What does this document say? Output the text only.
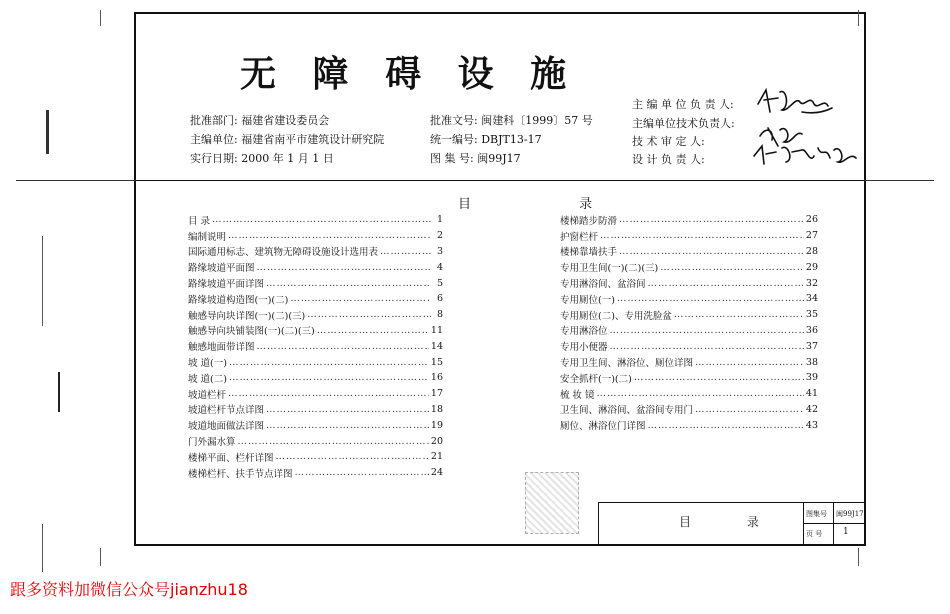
无 障 碍 设 施
批准部门: 福建省建设委员会
主编单位: 福建省南平市建筑设计研究院
实行日期: 2000 年 1 月 1 日
批准文号: 闽建科〔1999〕57 号
统一编号: DBJT13-17
图 集 号: 闽99J17
主 编 单 位 负 责 人:
主编单位技术负责人:
技 术 审 定 人:
设 计 负 责 人:
目 录
目 录 ……………………………………………………………………………………………………………………………………	1
编制说明 ……………………………………………………………………………………………………………………………………	2
国际通用标志、建筑物无障碍设施设计选用表 ……………………………………………………………………………………………………………………………………	3
路缘坡道平面图 ……………………………………………………………………………………………………………………………………	4
路缘坡道平面详图 ……………………………………………………………………………………………………………………………………	5
路缘坡道构造图(一)(二) ……………………………………………………………………………………………………………………………………	6
触感导向块详图(一)(二)(三) ……………………………………………………………………………………………………………………………………	8
触感导向块铺装图(一)(二)(三) ……………………………………………………………………………………………………………………………………	11
触感地面带详图 ……………………………………………………………………………………………………………………………………	14
坡 道(一) ……………………………………………………………………………………………………………………………………	15
坡 道(二) ……………………………………………………………………………………………………………………………………	16
坡道栏杆 ……………………………………………………………………………………………………………………………………	17
坡道栏杆节点详图 ……………………………………………………………………………………………………………………………………	18
坡道地面做法详图 ……………………………………………………………………………………………………………………………………	19
门外漏水算 ……………………………………………………………………………………………………………………………………	20
楼梯平面、栏杆详图 ……………………………………………………………………………………………………………………………………	21
楼梯栏杆、扶手节点详图 ……………………………………………………………………………………………………………………………………	24
楼梯踏步防滑 ……………………………………………………………………………………………………………………………………	26
护窗栏杆 ……………………………………………………………………………………………………………………………………	27
楼梯靠墙扶手 ……………………………………………………………………………………………………………………………………	28
专用卫生间(一)(二)(三) ……………………………………………………………………………………………………………………………………	29
专用淋浴间、盆浴间 ……………………………………………………………………………………………………………………………………	32
专用厕位(一) ……………………………………………………………………………………………………………………………………	34
专用厕位(二)、专用洗脸盆 ……………………………………………………………………………………………………………………………………	35
专用淋浴位 ……………………………………………………………………………………………………………………………………	36
专用小便器 ……………………………………………………………………………………………………………………………………	37
专用卫生间、淋浴位、厕位详图 ……………………………………………………………………………………………………………………………………	38
安全抓杆(一)(二) ……………………………………………………………………………………………………………………………………	39
梳 妆 镜 ……………………………………………………………………………………………………………………………………	41
卫生间、淋浴间、盆浴间专用门 ……………………………………………………………………………………………………………………………………	42
厕位、淋浴位门详图 ……………………………………………………………………………………………………………………………………	43
目 录
图集号 闽99J17
页 号 1
跟多资料加微信公众号jianzhu18
